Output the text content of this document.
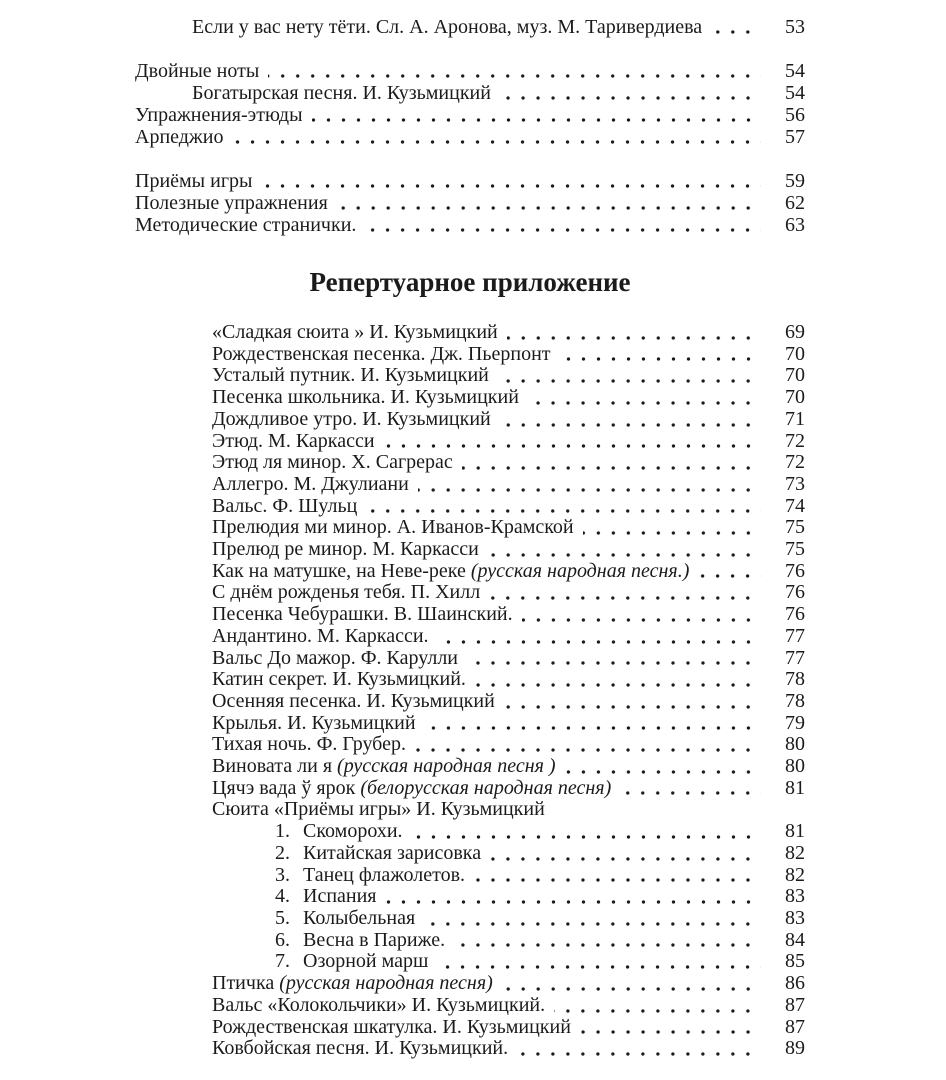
Если у вас нету тёти. Сл. А. Аронова, муз. М. Таривердиева	53
Двойные ноты	54
Богатырская песня. И. Кузьмицкий	54
Упражнения-этюды	56
Арпеджио	57
Приёмы игры	59
Полезные упражнения	62
Методические странички.	63
Репертуарное приложение
«Сладкая сюита » И. Кузьмицкий	69
Рождественская песенка. Дж. Пьерпонт	70
Усталый путник. И. Кузьмицкий	70
Песенка школьника. И. Кузьмицкий	70
Дождливое утро. И. Кузьмицкий	71
Этюд. М. Каркасси	72
Этюд ля минор. Х. Сагрерас	72
Аллегро. М. Джулиани	73
Вальс. Ф. Шульц	74
Прелюдия ми минор. А. Иванов-Крамской	75
Прелюд ре минор. М. Каркасси	75
Как на матушке, на Неве-реке (русская народная песня.)	76
С днём рожденья тебя. П. Хилл	76
Песенка Чебурашки. В. Шаинский.	76
Андантино. М. Каркасси.	77
Вальс До мажор. Ф. Карулли	77
Катин секрет. И. Кузьмицкий.	78
Осенняя песенка. И. Кузьмицкий	78
Крылья. И. Кузьмицкий	79
Тихая ночь. Ф. Грубер.	80
Виновата ли я (русская народная песня )	80
Цячэ вада ў ярок (белорусская народная песня)	81
Сюита «Приёмы игры» И. Кузьмицкий
1. Скоморохи.	81
2. Китайская зарисовка	82
3. Танец флажолетов.	82
4. Испания	83
5. Колыбельная	83
6. Весна в Париже.	84
7. Озорной марш	85
Птичка (русская народная песня)	86
Вальс «Колокольчики» И. Кузьмицкий.	87
Рождественская шкатулка. И. Кузьмицкий	87
Ковбойская песня. И. Кузьмицкий.	89
